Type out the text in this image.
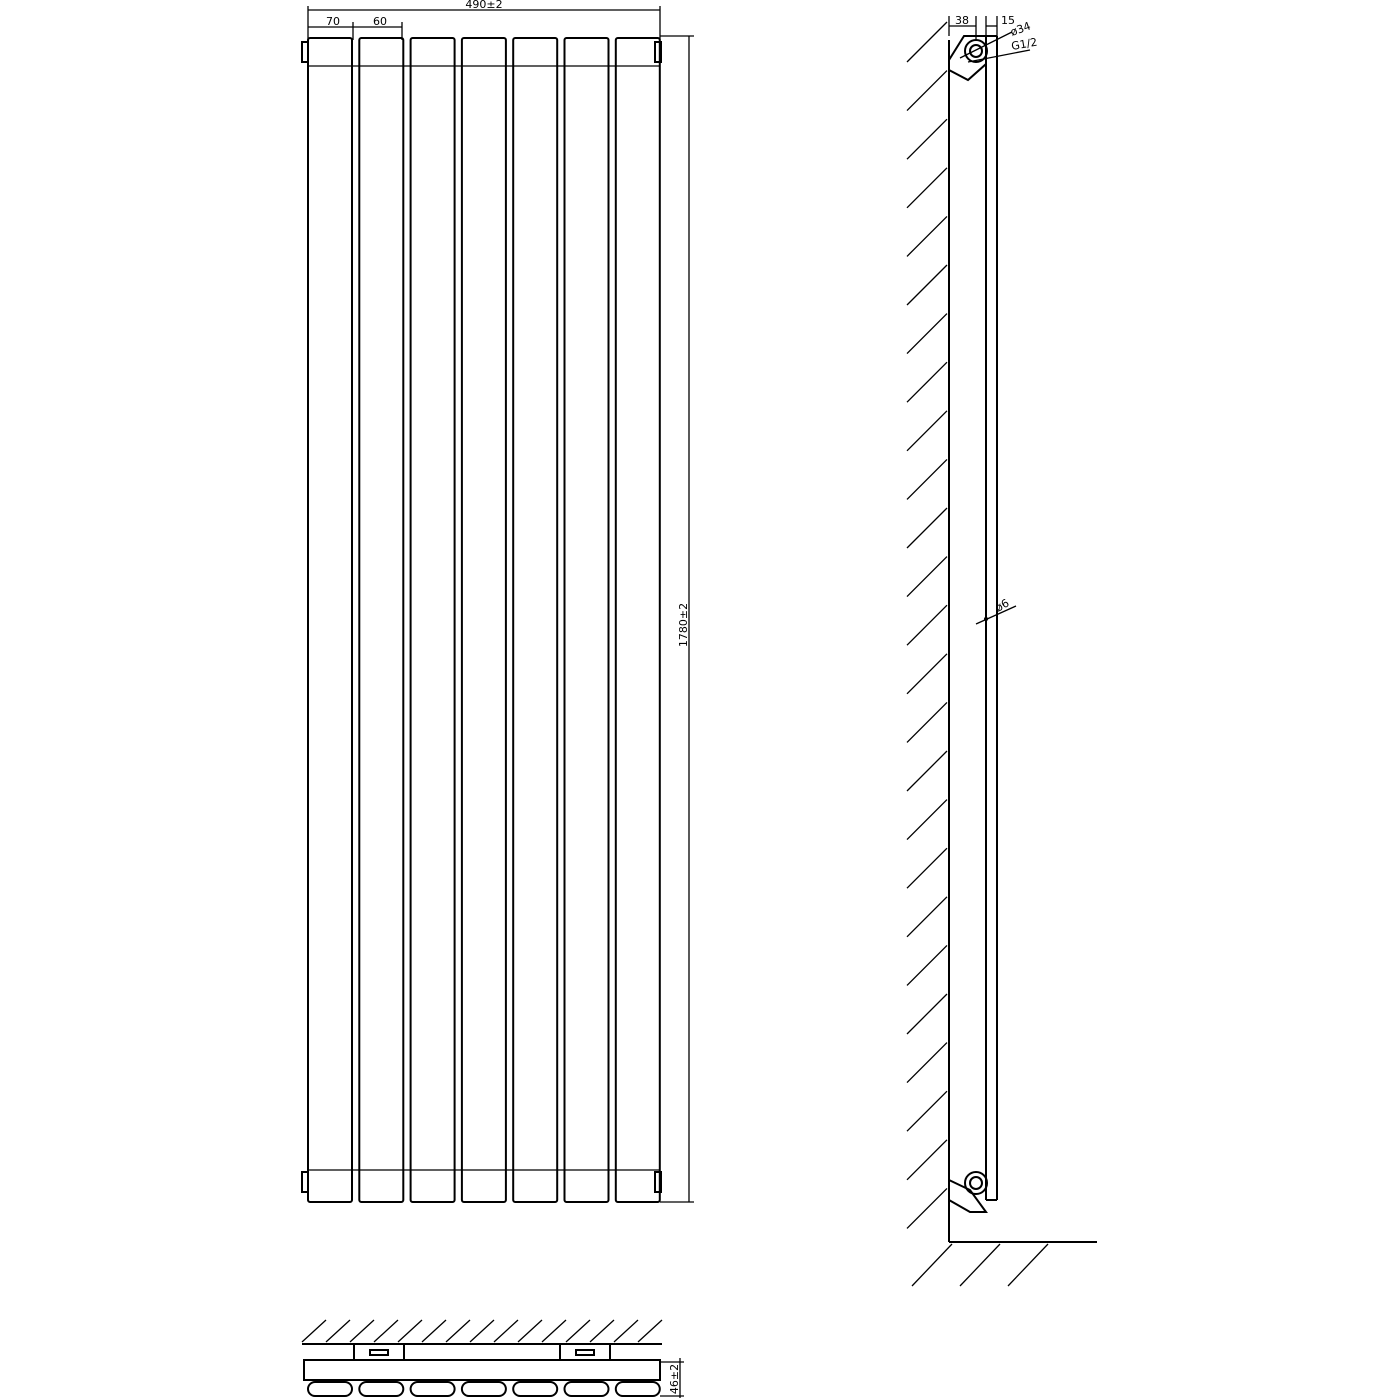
490±2
70	60
1780±2
38	15
ø34
G1/2
ø6
46±2
